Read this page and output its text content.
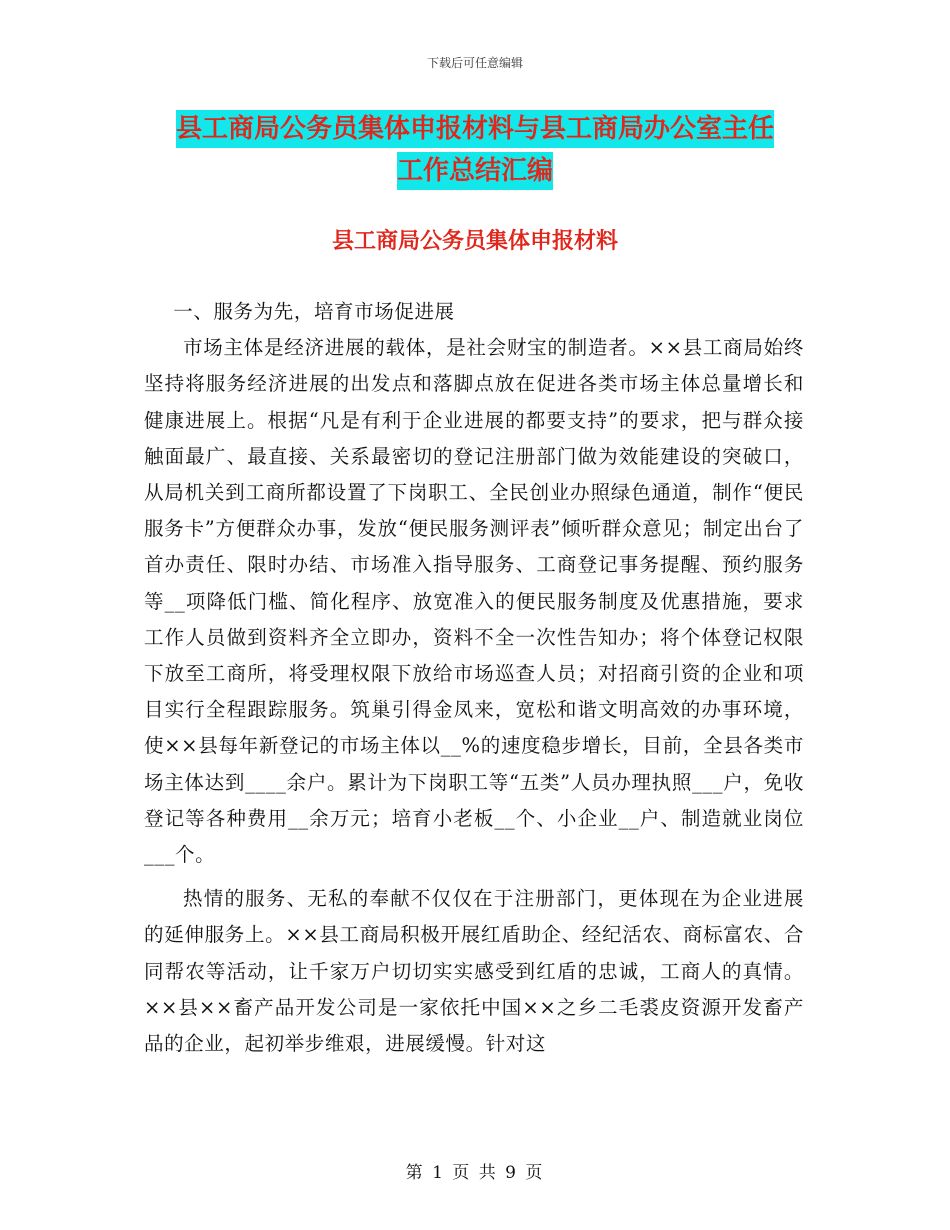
下载后可任意编辑
县工商局公务员集体申报材料与县工商局办公室主任
工作总结汇编
县工商局公务员集体申报材料

一、服务为先，培育市场促进展

市场主体是经济进展的载体，是社会财宝的制造者。××县工商局始终坚持将服务经济进展的出发点和落脚点放在促进各类市场主体总量增长和健康进展上。根据“凡是有利于企业进展的都要支持”的要求，把与群众接触面最广、最直接、关系最密切的登记注册部门做为效能建设的突破口，从局机关到工商所都设置了下岗职工、全民创业办照绿色通道，制作“便民服务卡”方便群众办事，发放“便民服务测评表”倾听群众意见；制定出台了首办责任、限时办结、市场准入指导服务、工商登记事务提醒、预约服务等__项降低门槛、简化程序、放宽准入的便民服务制度及优惠措施，要求工作人员做到资料齐全立即办，资料不全一次性告知办；将个体登记权限下放至工商所，将受理权限下放给市场巡查人员；对招商引资的企业和项目实行全程跟踪服务。筑巢引得金凤来，宽松和谐文明高效的办事环境，使××县每年新登记的市场主体以__%的速度稳步增长，目前，全县各类市场主体达到____余户。累计为下岗职工等“五类”人员办理执照___户，免收登记等各种费用__余万元；培育小老板__个、小企业__户、制造就业岗位___个。

热情的服务、无私的奉献不仅仅在于注册部门，更体现在为企业进展的延伸服务上。××县工商局积极开展红盾助企、经纪活农、商标富农、合同帮农等活动，让千家万户切切实实感受到红盾的忠诚，工商人的真情。××县××畜产品开发公司是一家依托中国××之乡二毛裘皮资源开发畜产品的企业，起初举步维艰，进展缓慢。针对这

第 1 页 共 9 页
